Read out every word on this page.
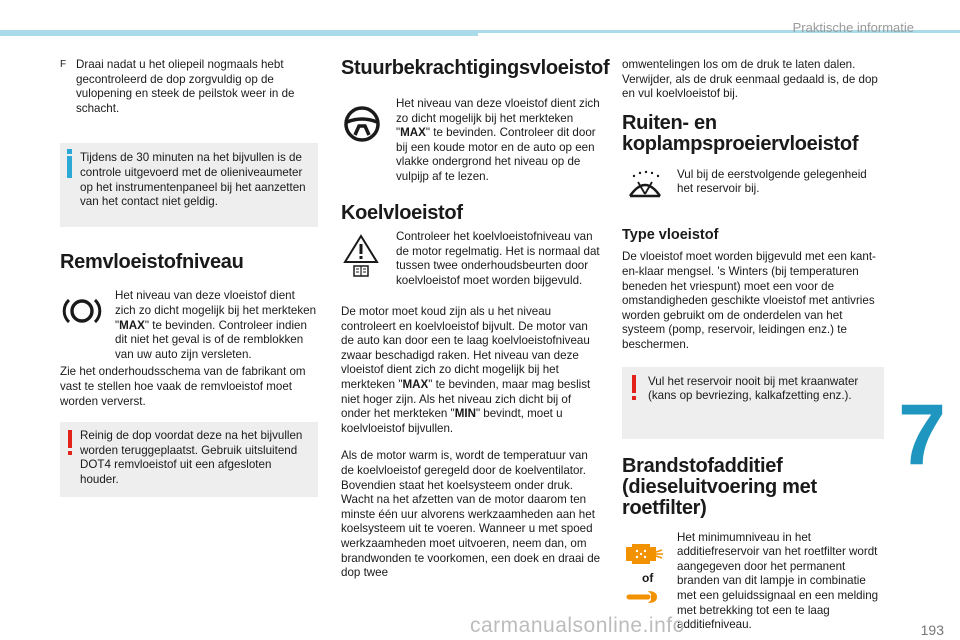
Praktische informatie
F Draai nadat u het oliepeil nogmaals hebt gecontroleerd de dop zorgvuldig op de vulopening en steek de peilstok weer in de schacht.

Tijdens de 30 minuten na het bijvullen is de controle uitgevoerd met de olieniveaumeter op het instrumentenpaneel bij het aanzetten van het contact niet geldig.

Remvloeistofniveau

Het niveau van deze vloeistof dient zich zo dicht mogelijk bij het merkteken "MAX" te bevinden. Controleer indien dit niet het geval is of de remblokken van uw auto zijn versleten.

Zie het onderhoudsschema van de fabrikant om vast te stellen hoe vaak de remvloeistof moet worden ververst.

Reinig de dop voordat deze na het bijvullen worden teruggeplaatst. Gebruik uitsluitend DOT4 remvloeistof uit een afgesloten houder.

Stuurbekrachtigingsvloeistof

Het niveau van deze vloeistof dient zich zo dicht mogelijk bij het merkteken "MAX" te bevinden. Controleer dit door bij een koude motor en de auto op een vlakke ondergrond het niveau op de vulpijp af te lezen.

Koelvloeistof

Controleer het koelvloeistofniveau van de motor regelmatig. Het is normaal dat tussen twee onderhoudsbeurten door koelvloeistof moet worden bijgevuld.

De motor moet koud zijn als u het niveau controleert en koelvloeistof bijvult. De motor van de auto kan door een te laag koelvloeistofniveau zwaar beschadigd raken. Het niveau van deze vloeistof dient zich zo dicht mogelijk bij het merkteken "MAX" te bevinden, maar mag beslist niet hoger zijn. Als het niveau zich dicht bij of onder het merkteken "MIN" bevindt, moet u koelvloeistof bijvullen.

Als de motor warm is, wordt de temperatuur van de koelvloeistof geregeld door de koelventilator. Bovendien staat het koelsysteem onder druk. Wacht na het afzetten van de motor daarom ten minste één uur alvorens werkzaamheden aan het koelsysteem uit te voeren. Wanneer u met spoed werkzaamheden moet uitvoeren, neem dan, om brandwonden te voorkomen, een doek en draai de dop twee

omwentelingen los om de druk te laten dalen. Verwijder, als de druk eenmaal gedaald is, de dop en vul koelvloeistof bij.

Ruiten- en koplampsproeiervloeistof

Vul bij de eerstvolgende gelegenheid het reservoir bij.

Type vloeistof

De vloeistof moet worden bijgevuld met een kant-en-klaar mengsel. 's Winters (bij temperaturen beneden het vriespunt) moet een voor de omstandigheden geschikte vloeistof met antivries worden gebruikt om de onderdelen van het systeem (pomp, reservoir, leidingen enz.) te beschermen.

Vul het reservoir nooit bij met kraanwater (kans op bevriezing, kalkafzetting enz.).

Brandstofadditief (dieseluitvoering met roetfilter)
of

Het minimumniveau in het additiefreservoir van het roetfilter wordt aangegeven door het permanent branden van dit lampje in combinatie met een geluidssignaal en een melding met betrekking tot een te laag additiefniveau.

7
carmanualsonline.info	193
